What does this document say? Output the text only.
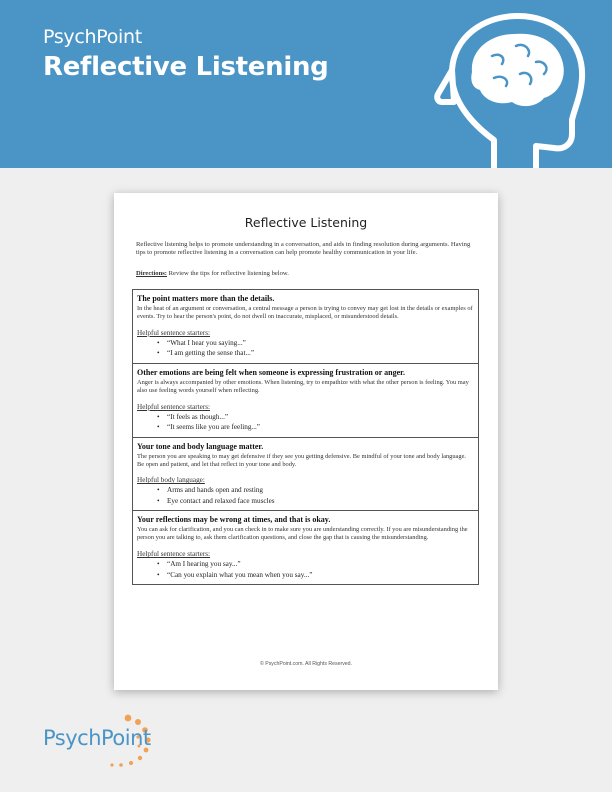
PsychPoint
Reflective Listening
Reflective Listening
Reflective listening helps to promote understanding in a conversation, and aids in finding resolution during arguments. Having tips to promote reflective listening in a conversation can help promote healthy communication in your life.
Directions: Review the tips for reflective listening below.
The point matters more than the details.
In the heat of an argument or conversation, a central message a person is trying to convey may get lost in the details or examples of events. Try to hear the person's point, do not dwell on inaccurate, misplaced, or misunderstood details.
Helpful sentence starters:
• “What I hear you saying...”
• “I am getting the sense that...”
Other emotions are being felt when someone is expressing frustration or anger.
Anger is always accompanied by other emotions. When listening, try to empathize with what the other person is feeling. You may also use feeling words yourself when reflecting.
Helpful sentence starters:
• “It feels as though...”
• “It seems like you are feeling...”
Your tone and body language matter.
The person you are speaking to may get defensive if they see you getting defensive. Be mindful of your tone and body language. Be open and patient, and let that reflect in your tone and body.
Helpful body language:
• Arms and hands open and resting
• Eye contact and relaxed face muscles
Your reflections may be wrong at times, and that is okay.
You can ask for clarification, and you can check in to make sure you are understanding correctly. If you are misunderstanding the person you are talking to, ask them clarification questions, and close the gap that is causing the misunderstanding.
Helpful sentence starters:
• “Am I hearing you say...”
• “Can you explain what you mean when you say...”
© PsychPoint.com. All Rights Reserved.
PsychPoint
